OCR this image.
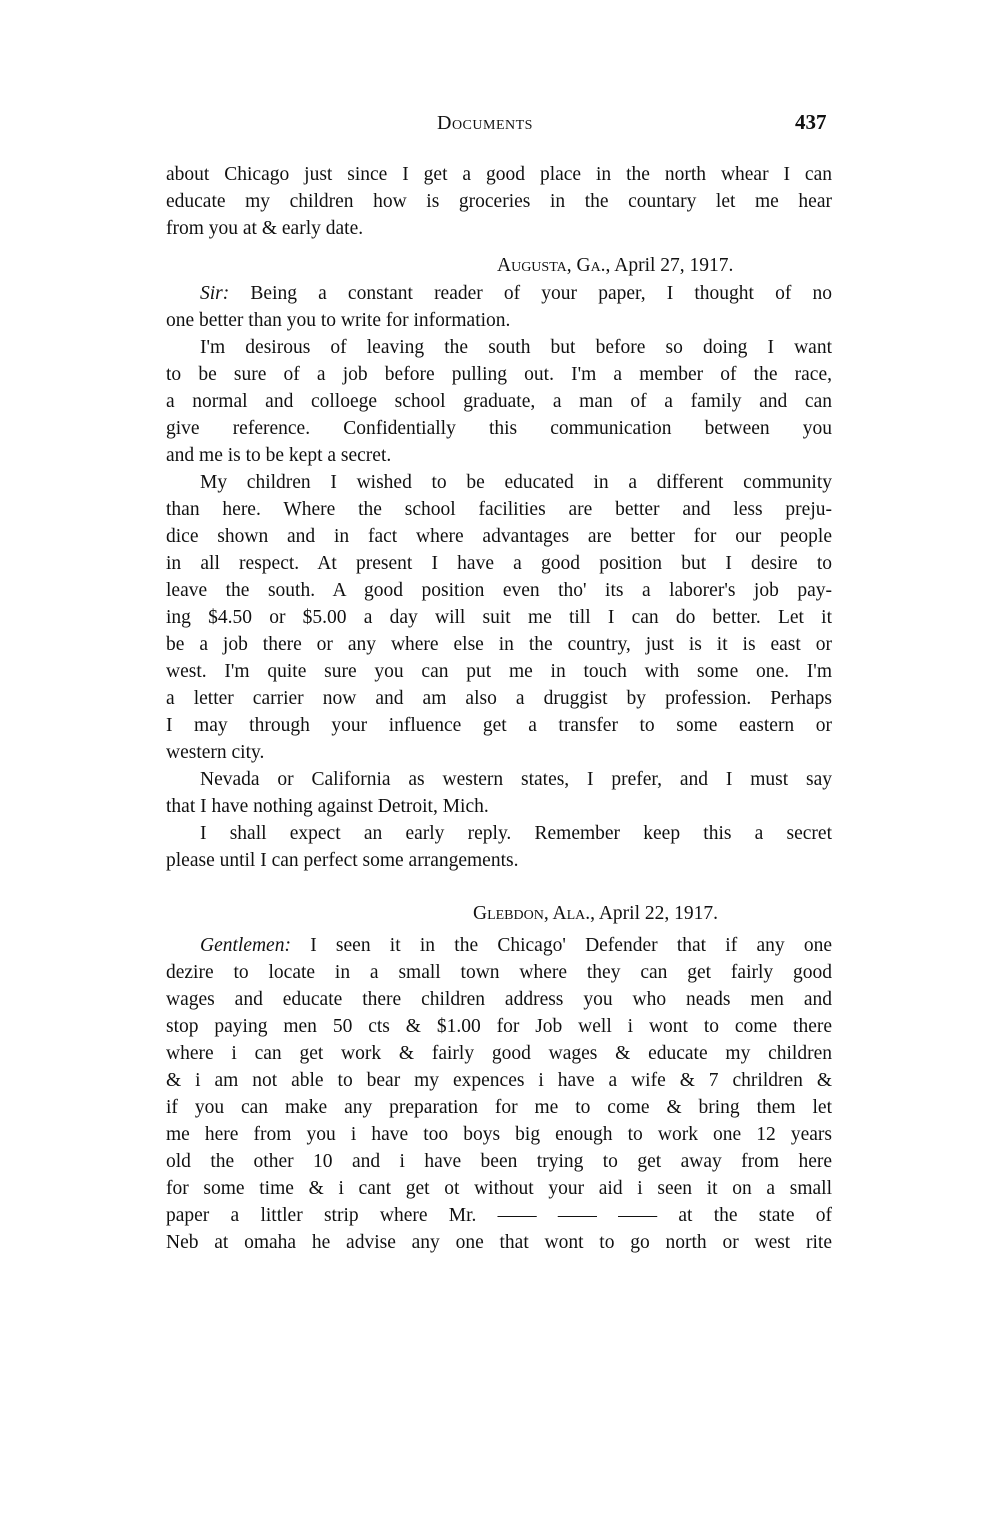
Documents	437
about Chicago just since I get a good place in the north whear I can
educate my children how is groceries in the countary let me hear
from you at & early date.
Augusta, Ga., April 27, 1917.
Sir: Being a constant reader of your paper, I thought of no
one better than you to write for information.
I'm desirous of leaving the south but before so doing I want
to be sure of a job before pulling out. I'm a member of the race,
a normal and colloege school graduate, a man of a family and can
give reference. Confidentially this communication between you
and me is to be kept a secret.
My children I wished to be educated in a different community
than here. Where the school facilities are better and less preju-
dice shown and in fact where advantages are better for our people
in all respect. At present I have a good position but I desire to
leave the south. A good position even tho' its a laborer's job pay-
ing $4.50 or $5.00 a day will suit me till I can do better. Let it
be a job there or any where else in the country, just is it is east or
west. I'm quite sure you can put me in touch with some one. I'm
a letter carrier now and am also a druggist by profession. Perhaps
I may through your influence get a transfer to some eastern or
western city.
Nevada or California as western states, I prefer, and I must say
that I have nothing against Detroit, Mich.
I shall expect an early reply. Remember keep this a secret
please until I can perfect some arrangements.
Glebdon, Ala., April 22, 1917.
Gentlemen: I seen it in the Chicago' Defender that if any one
dezire to locate in a small town where they can get fairly good
wages and educate there children address you who neads men and
stop paying men 50 cts & $1.00 for Job well i wont to come there
where i can get work & fairly good wages & educate my children
& i am not able to bear my expences i have a wife & 7 chrildren &
if you can make any preparation for me to come & bring them let
me here from you i have too boys big enough to work one 12 years
old the other 10 and i have been trying to get away from here
for some time & i cant get ot without your aid i seen it on a small
paper a littler strip where Mr. —— —— —— at the state of
Neb at omaha he advise any one that wont to go north or west rite
